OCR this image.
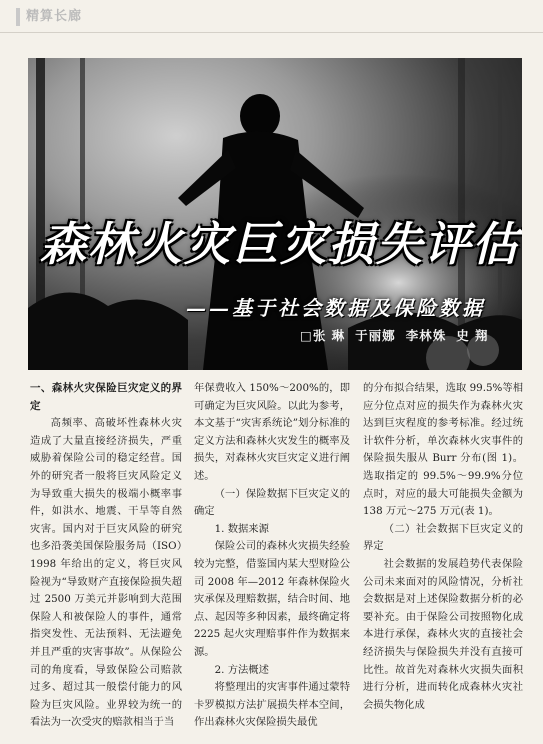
精算长廊
森林火灾巨灾损失评估
——基于社会数据及保险数据
□张 琳 于丽娜 李林姝 史 翔
一、森林火灾保险巨灾定义的界定

高频率、高破坏性森林火灾造成了大量直接经济损失，严重威胁着保险公司的稳定经营。国外的研究者一般将巨灾风险定义为导致重大损失的极端小概率事件，如洪水、地震、干旱等自然灾害。国内对于巨灾风险的研究也多沿袭美国保险服务局（ISO）1998 年给出的定义，将巨灾风险视为“导致财产直接保险损失超过 2500 万美元并影响到大范围保险人和被保险人的事件，通常指突发性、无法预料、无法避免并且严重的灾害事故”。从保险公司的角度看，导致保险公司赔款过多、超过其一般偿付能力的风险为巨灾风险。业界较为统一的看法为一次受灾的赔款相当于当

年保费收入 150%～200%的，即可确定为巨灾风险。以此为参考，本文基于“灾害系统论”划分标准的定义方法和森林火灾发生的概率及损失，对森林火灾巨灾定义进行阐述。

（一）保险数据下巨灾定义的确定
1. 数据来源

保险公司的森林火灾损失经验较为完整，借鉴国内某大型财险公司 2008 年—2012 年森林保险火灾承保及理赔数据，结合时间、地点、起因等多种因素，最终确定将 2225 起火灾理赔事件作为数据来源。

2. 方法概述

将整理出的灾害事件通过蒙特卡罗模拟方法扩展损失样本空间，作出森林火灾保险损失最优

的分布拟合结果，选取 99.5%等相应分位点对应的损失作为森林火灾达到巨灾程度的参考标准。经过统计软件分析，单次森林火灾事件的保险损失服从 Burr 分布(图 1)。选取指定的 99.5%～99.9%分位点时，对应的最大可能损失金额为 138 万元～275 万元(表 1)。

（二）社会数据下巨灾定义的界定

社会数据的发展趋势代表保险公司未来面对的风险情况，分析社会数据是对上述保险数据分析的必要补充。由于保险公司按照物化成本进行承保，森林火灾的直接社会经济损失与保险损失并没有直接可比性。故首先对森林火灾损失面积进行分析，进而转化成森林火灾社会损失物化成
